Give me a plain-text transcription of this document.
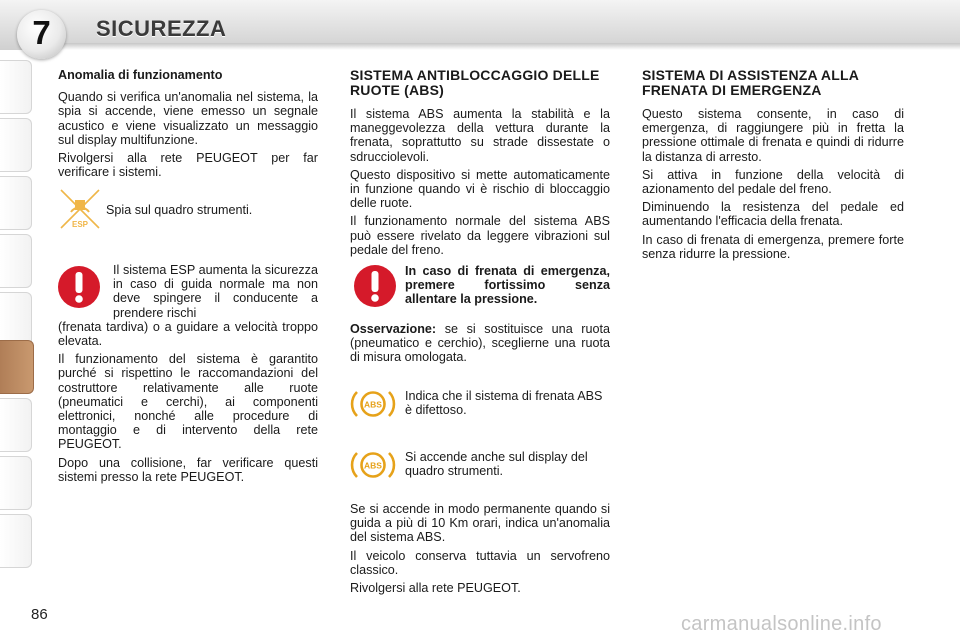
7	SICUREZZA
Anomalia di funzionamento

Quando si verifica un'anomalia nel sistema, la spia si accende, viene emesso un segnale acustico e viene visualizzato un messaggio sul display multifunzione.

Rivolgersi alla rete PEUGEOT per far verificare i sistemi.

ESP
Spia sul quadro strumenti.

Il sistema ESP aumenta la sicurezza in caso di guida normale ma non deve spingere il conducente a prendere rischi

(frenata tardiva) o a guidare a velocità troppo elevata.

Il funzionamento del sistema è garantito purché si rispettino le raccomandazioni del costruttore relativamente alle ruote (pneumatici e cerchi), ai componenti elettronici, nonché alle procedure di montaggio e di intervento della rete PEUGEOT.

Dopo una collisione, far verificare questi sistemi presso la rete PEUGEOT.

SISTEMA ANTIBLOCCAGGIO DELLE RUOTE (ABS)

Il sistema ABS aumenta la stabilità e la maneggevolezza della vettura durante la frenata, soprattutto su strade dissestate o sdrucciolevoli.

Questo dispositivo si mette automaticamente in funzione quando vi è rischio di bloccaggio delle ruote.

Il funzionamento normale del sistema ABS può essere rivelato da leggere vibrazioni sul pedale del freno.

In caso di frenata di emergenza, premere fortissimo senza allentare la pressione.

Osservazione: se si sostituisce una ruota (pneumatico e cerchio), sceglierne una ruota di misura omologata.

ABS
Indica che il sistema di frenata ABS è difettoso.
ABS
Si accende anche sul display del quadro strumenti.

Se si accende in modo permanente quando si guida a più di 10 Km orari, indica un'anomalia del sistema ABS.

Il veicolo conserva tuttavia un servofreno classico.

Rivolgersi alla rete PEUGEOT.

SISTEMA DI ASSISTENZA ALLA FRENATA DI EMERGENZA

Questo sistema consente, in caso di emergenza, di raggiungere più in fretta la pressione ottimale di frenata e quindi di ridurre la distanza di arresto.

Si attiva in funzione della velocità di azionamento del pedale del freno.

Diminuendo la resistenza del pedale ed aumentando l'efficacia della frenata.

In caso di frenata di emergenza, premere forte senza ridurre la pressione.

86	carmanualsonline.info
